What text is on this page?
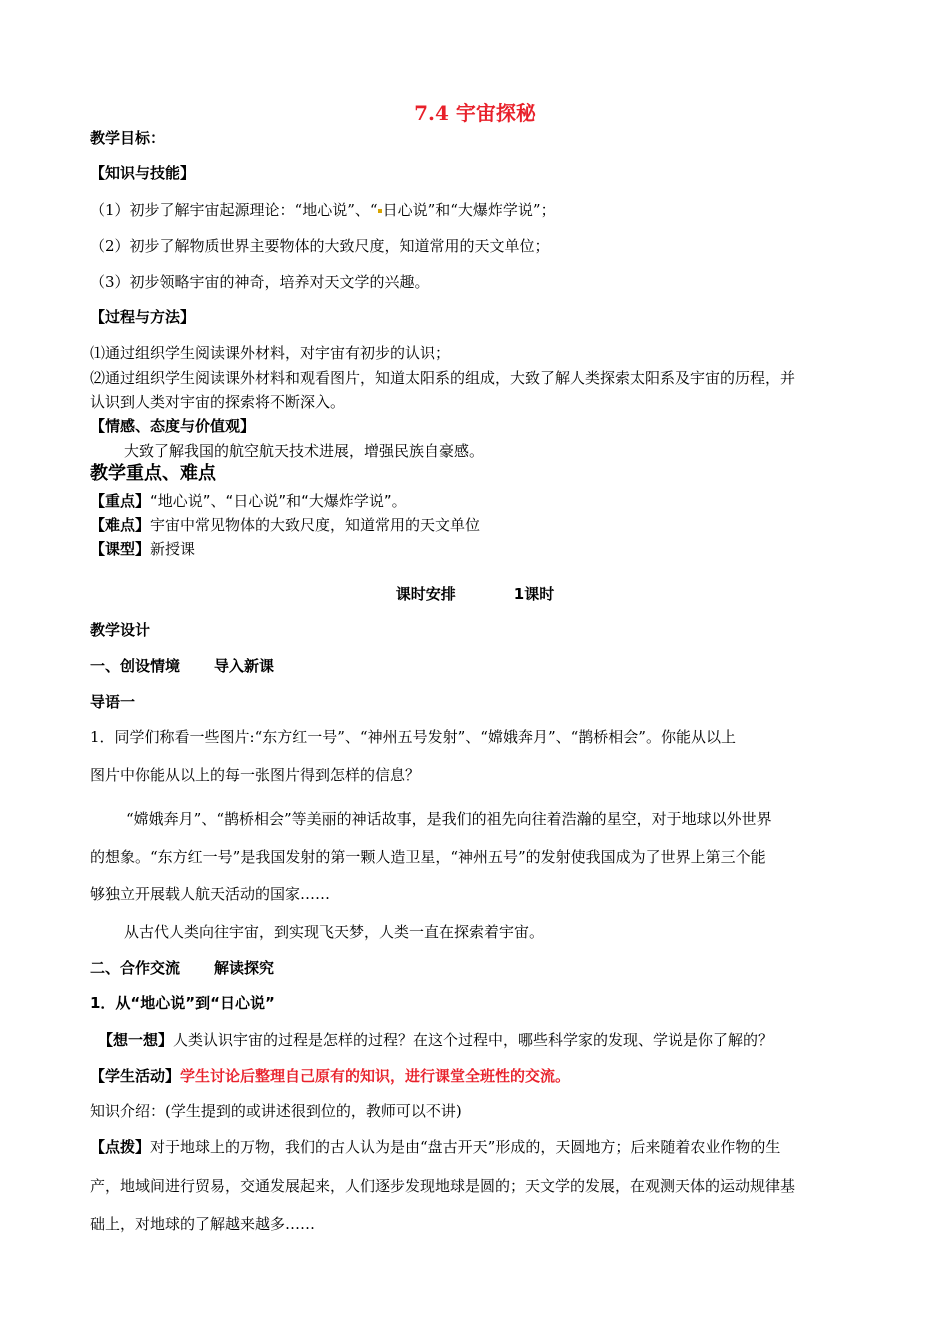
7.4 宇宙探秘
教学目标：
【知识与技能】
（1）初步了解宇宙起源理论：“地心说”、“ 日心说”和“大爆炸学说”；
（2）初步了解物质世界主要物体的大致尺度，知道常用的天文单位；
（3）初步领略宇宙的神奇，培养对天文学的兴趣。
【过程与方法】
⑴通过组织学生阅读课外材料，对宇宙有初步的认识；
⑵通过组织学生阅读课外材料和观看图片，知道太阳系的组成，大致了解人类探索太阳系及宇宙的历程，并
认识到人类对宇宙的探索将不断深入。
【情感、态度与价值观】
大致了解我国的航空航天技术进展，增强民族自豪感。
教学重点、难点
【重点】“地心说”、“日心说”和“大爆炸学说”。
【难点】宇宙中常见物体的大致尺度，知道常用的天文单位
【课型】新授课
课时安排	1课时
教学设计
一、创设情境 导入新课
导语一
1．同学们称看一些图片:“东方红一号”、“神州五号发射”、“嫦娥奔月”、“鹊桥相会”。你能从以上
图片中你能从以上的每一张图片得到怎样的信息？
“嫦娥奔月”、“鹊桥相会”等美丽的神话故事，是我们的祖先向往着浩瀚的星空，对于地球以外世界
的想象。“东方红一号”是我国发射的第一颗人造卫星，“神州五号”的发射使我国成为了世界上第三个能
够独立开展载人航天活动的国家……
从古代人类向往宇宙，到实现飞天梦，人类一直在探索着宇宙。
二、合作交流 解读探究
1．从“地心说”到“日心说”
【想一想】人类认识宇宙的过程是怎样的过程？在这个过程中，哪些科学家的发现、学说是你了解的？
【学生活动】学生讨论后整理自己原有的知识，进行课堂全班性的交流。
知识介绍：(学生提到的或讲述很到位的，教师可以不讲)
【点拨】对于地球上的万物，我们的古人认为是由“盘古开天”形成的，天圆地方；后来随着农业作物的生
产，地域间进行贸易，交通发展起来，人们逐步发现地球是圆的；天文学的发展，在观测天体的运动规律基
础上，对地球的了解越来越多……
